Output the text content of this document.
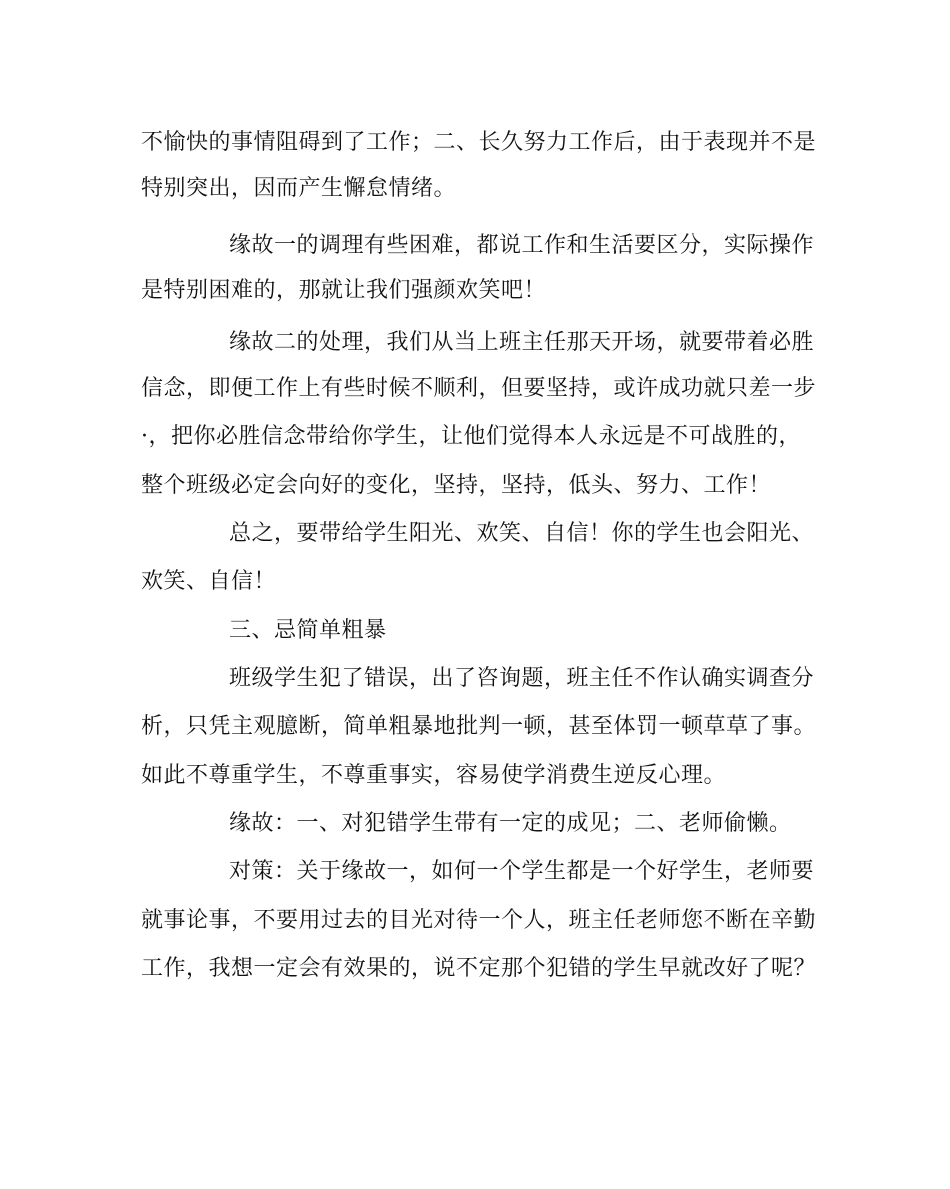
不愉快的事情阻碍到了工作；二、长久努力工作后，由于表现并不是
特别突出，因而产生懈怠情绪。
缘故一的调理有些困难，都说工作和生活要区分，实际操作
是特别困难的，那就让我们强颜欢笑吧！
缘故二的处理，我们从当上班主任那天开场，就要带着必胜
信念，即便工作上有些时候不顺利，但要坚持，或许成功就只差一步
·，把你必胜信念带给你学生，让他们觉得本人永远是不可战胜的，
整个班级必定会向好的变化，坚持，坚持，低头、努力、工作！
总之，要带给学生阳光、欢笑、自信！你的学生也会阳光、
欢笑、自信！
三、忌简单粗暴
班级学生犯了错误，出了咨询题，班主任不作认确实调查分
析，只凭主观臆断，简单粗暴地批判一顿，甚至体罚一顿草草了事。
如此不尊重学生，不尊重事实，容易使学消费生逆反心理。
缘故：一、对犯错学生带有一定的成见；二、老师偷懒。
对策：关于缘故一，如何一个学生都是一个好学生，老师要
就事论事，不要用过去的目光对待一个人，班主任老师您不断在辛勤
工作，我想一定会有效果的，说不定那个犯错的学生早就改好了呢？
